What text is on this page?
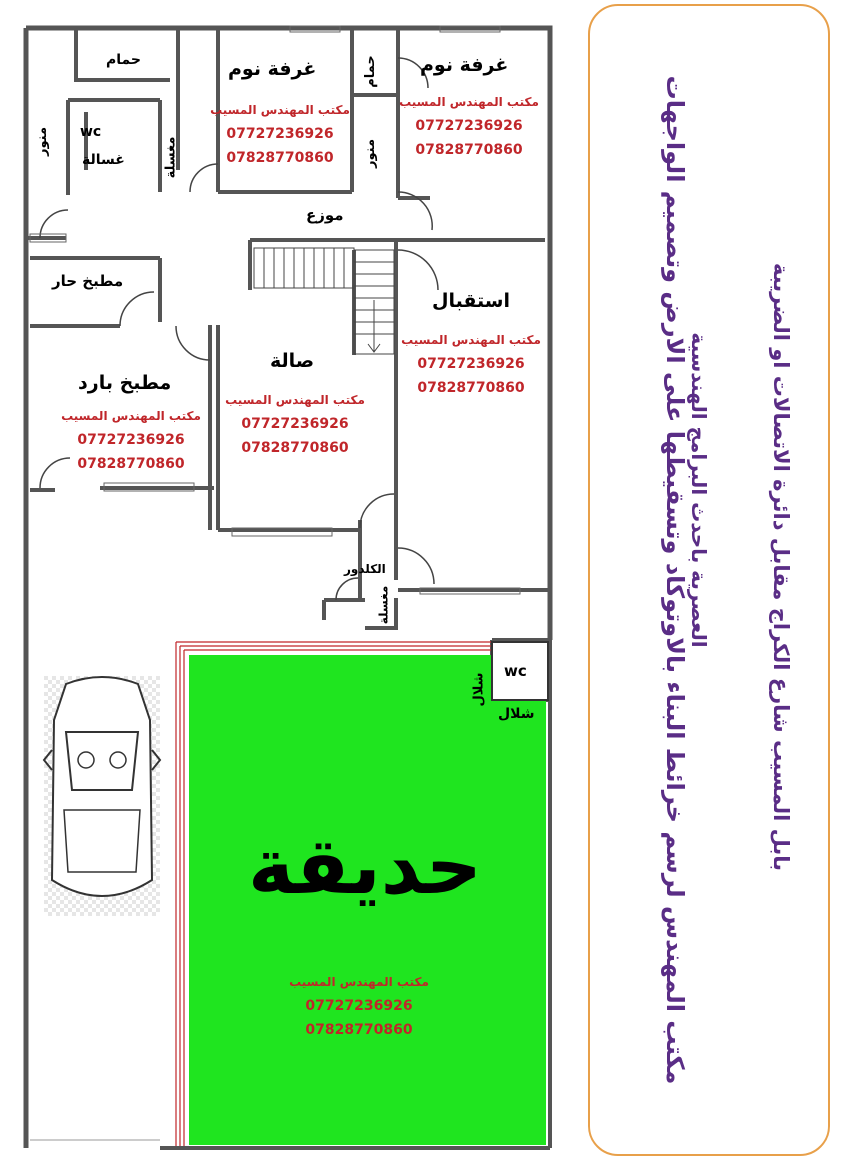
غرفة نوم	غرفة نوم
حمام
wc
غسالة
منور	مغسلة
حمام
منور
موزع
مطبخ حار
استقبال
صالة
مطبخ بارد
الكلدور
مغسلة
wc
شلال
شلال
حديقة
مكتب المهندس المسيب
07727236926
07828770860
مكتب المهندس المسيب
07727236926
07828770860
مكتب المهندس المسيب
07727236926
07828770860
مكتب المهندس المسيب
07727236926
07828770860
مكتب المهندس المسيب
07727236926
07828770860
مكتب المهندس المسيب
07727236926
07828770860	مكتب المهندس لرسم خرائط البناء بالاوتوكاد وتسقيطها على الارض وتصميم الواجهات
العصرية باحدث البرامج الهندسية	بابل المسيب شارع الكراج مقابل دائرة الاتصالات او الضريبة
